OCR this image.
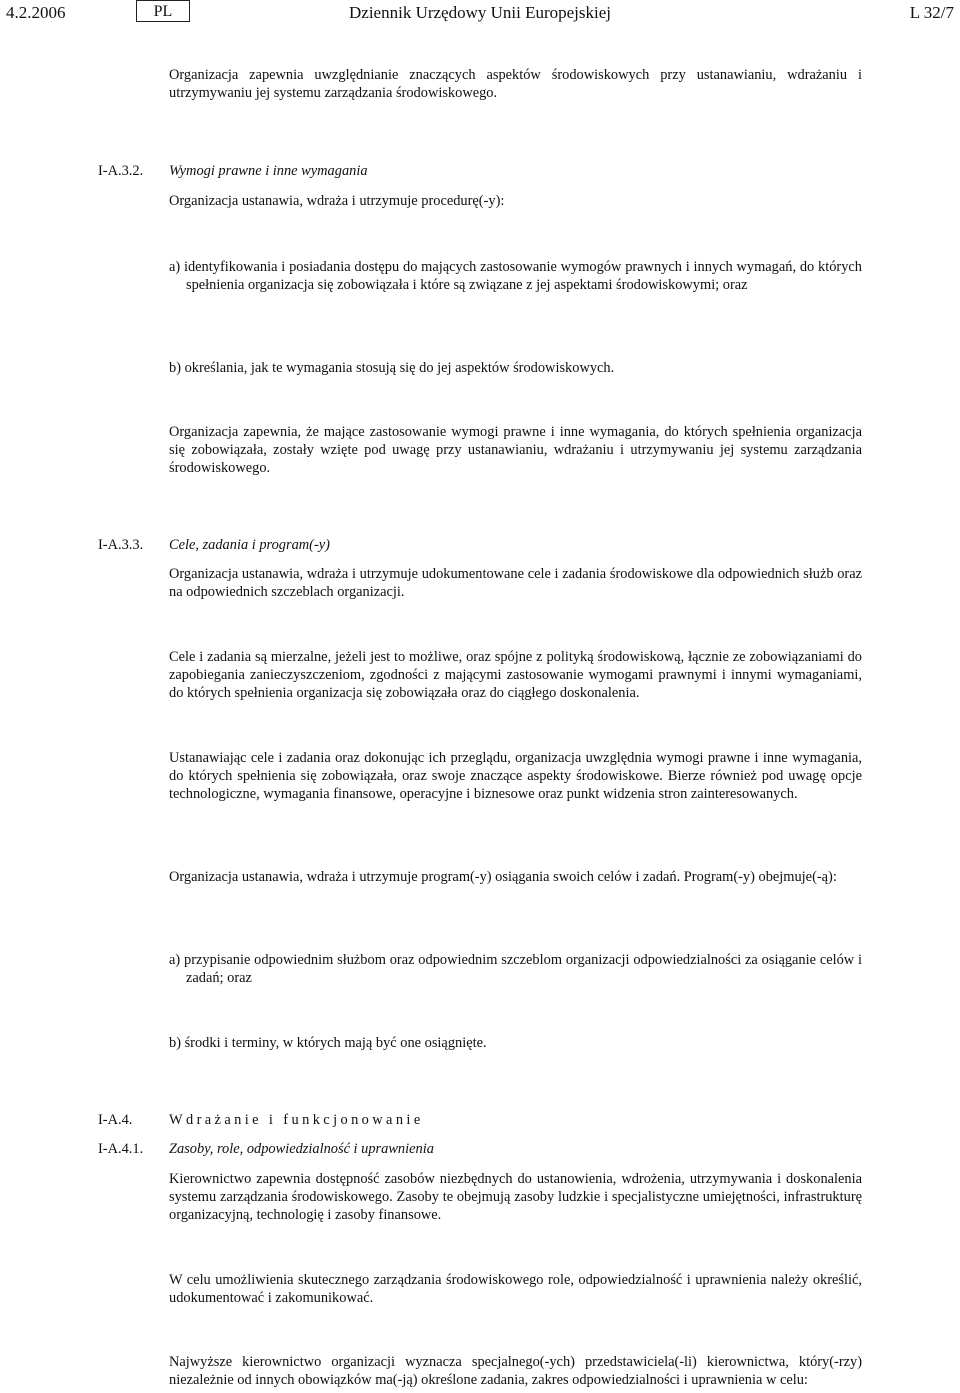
4.2.2006	PL	Dziennik Urzędowy Unii Europejskiej	L 32/7
Organizacja zapewnia uwzględnianie znaczących aspektów środowiskowych przy ustanawianiu, wdrażaniu i utrzymywaniu jej systemu zarządzania środowiskowego.
I-A.3.2. Wymogi prawne i inne wymagania
Organizacja ustanawia, wdraża i utrzymuje procedurę(-y):
a) identyfikowania i posiadania dostępu do mających zastosowanie wymogów prawnych i innych wymagań, do których spełnienia organizacja się zobowiązała i które są związane z jej aspektami środowiskowymi; oraz
b) określania, jak te wymagania stosują się do jej aspektów środowiskowych.
Organizacja zapewnia, że mające zastosowanie wymogi prawne i inne wymagania, do których spełnienia organizacja się zobowiązała, zostały wzięte pod uwagę przy ustanawianiu, wdrażaniu i utrzymywaniu jej systemu zarządzania środowiskowego.
I-A.3.3. Cele, zadania i program(-y)
Organizacja ustanawia, wdraża i utrzymuje udokumentowane cele i zadania środowiskowe dla odpowiednich służb oraz na odpowiednich szczeblach organizacji.
Cele i zadania są mierzalne, jeżeli jest to możliwe, oraz spójne z polityką środowiskową, łącznie ze zobowiązaniami do zapobiegania zanieczyszczeniom, zgodności z mającymi zastosowanie wymogami prawnymi i innymi wymaganiami, do których spełnienia organizacja się zobowiązała oraz do ciągłego doskonalenia.
Ustanawiając cele i zadania oraz dokonując ich przeglądu, organizacja uwzględnia wymogi prawne i inne wymagania, do których spełnienia się zobowiązała, oraz swoje znaczące aspekty środowiskowe. Bierze również pod uwagę opcje technologiczne, wymagania finansowe, operacyjne i biznesowe oraz punkt widzenia stron zainteresowanych.
Organizacja ustanawia, wdraża i utrzymuje program(-y) osiągania swoich celów i zadań. Program(-y) obejmuje(-ą):
a) przypisanie odpowiednim służbom oraz odpowiednim szczeblom organizacji odpowiedzialności za osiąganie celów i zadań; oraz
b) środki i terminy, w których mają być one osiągnięte.
I-A.4.	Wdrażanie i funkcjonowanie
I-A.4.1. Zasoby, role, odpowiedzialność i uprawnienia
Kierownictwo zapewnia dostępność zasobów niezbędnych do ustanowienia, wdrożenia, utrzymywania i doskonalenia systemu zarządzania środowiskowego. Zasoby te obejmują zasoby ludzkie i specjalistyczne umiejętności, infrastrukturę organizacyjną, technologię i zasoby finansowe.
W celu umożliwienia skutecznego zarządzania środowiskowego role, odpowiedzialność i uprawnienia należy określić, udokumentować i zakomunikować.
Najwyższe kierownictwo organizacji wyznacza specjalnego(-ych) przedstawiciela(-li) kierownictwa, który(-rzy) niezależnie od innych obowiązków ma(-ją) określone zadania, zakres odpowiedzialności i uprawnienia w celu:
